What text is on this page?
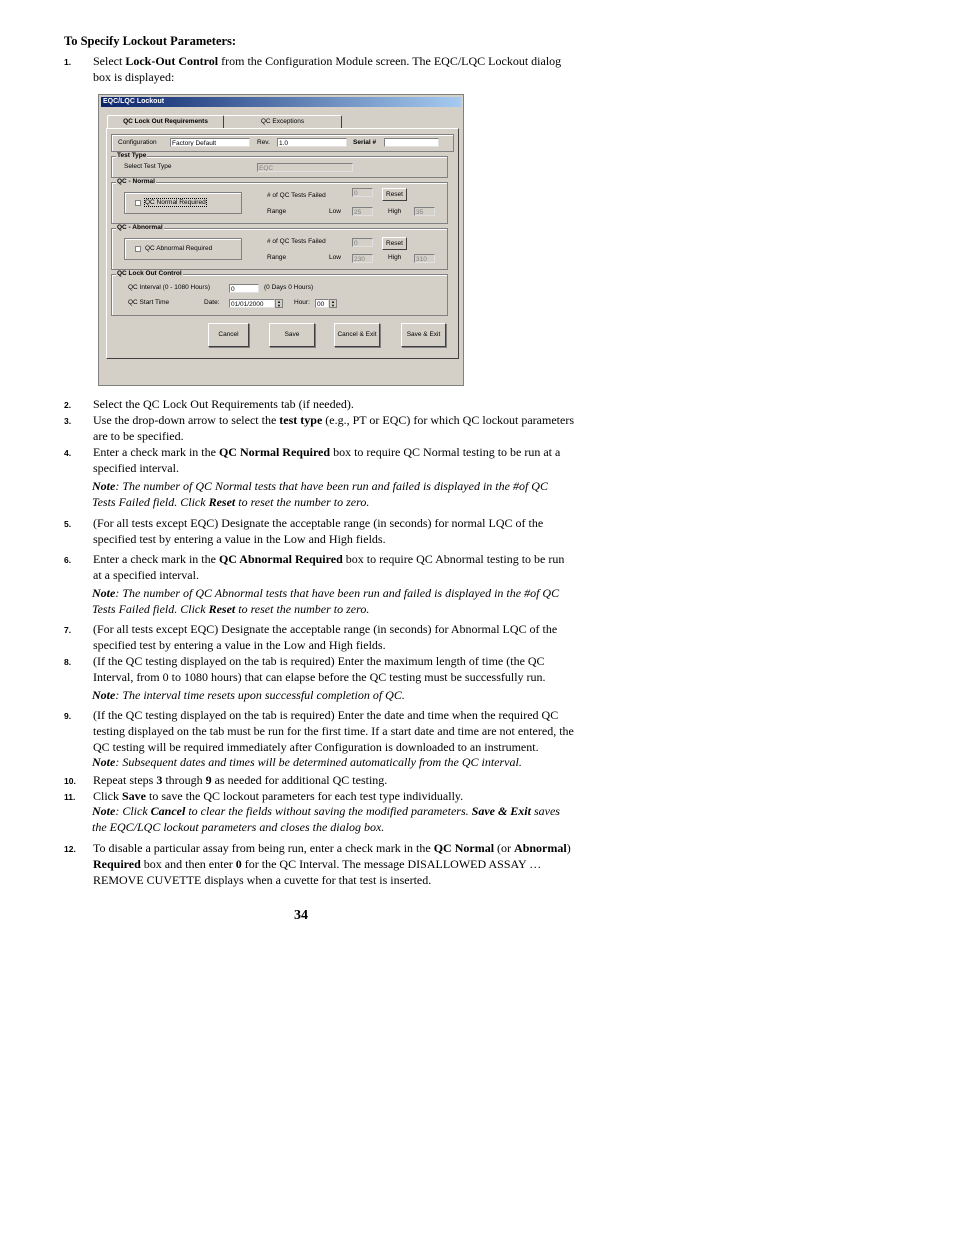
To Specify Lockout Parameters:
1. Select Lock-Out Control from the Configuration Module screen. The EQC/LQC Lockout dialog box is displayed:
EQC/LQC Lockout
QC Lock Out Requirements	QC Exceptions
Configuration	Factory Default	Rev.	1.0	Serial #
Test Type
Select Test Type	EQC
QC - Normal
QC Normal Required
# of QC Tests Failed	0	Reset
Range	Low	25	High	35
QC - Abnormal
QC Abnormal Required
# of QC Tests Failed	0	Reset
Range	Low	230	High	310
QC Lock Out Control
QC Interval (0 - 1080 Hours)	0	(0 Days 0 Hours)
QC Start Time	Date:	01/01/2000	▲
▼	Hour:	00	▲
▼
Cancel	Save	Cancel & Exit	Save & Exit
2. Select the QC Lock Out Requirements tab (if needed).
3. Use the drop-down arrow to select the test type (e.g., PT or EQC) for which QC lockout parameters are to be specified.
4. Enter a check mark in the QC Normal Required box to require QC Normal testing to be run at a specified interval.
Note: The number of QC Normal tests that have been run and failed is displayed in the #of QC Tests Failed field. Click Reset to reset the number to zero.
5. (For all tests except EQC) Designate the acceptable range (in seconds) for normal LQC of the specified test by entering a value in the Low and High fields.
6. Enter a check mark in the QC Abnormal Required box to require QC Abnormal testing to be run at a specified interval.
Note: The number of QC Abnormal tests that have been run and failed is displayed in the #of QC Tests Failed field. Click Reset to reset the number to zero.
7. (For all tests except EQC) Designate the acceptable range (in seconds) for Abnormal LQC of the specified test by entering a value in the Low and High fields.
8. (If the QC testing displayed on the tab is required) Enter the maximum length of time (the QC Interval, from 0 to 1080 hours) that can elapse before the QC testing must be successfully run.
Note: The interval time resets upon successful completion of QC.
9. (If the QC testing displayed on the tab is required) Enter the date and time when the required QC testing displayed on the tab must be run for the first time. If a start date and time are not entered, the QC testing will be required immediately after Configuration is downloaded to an instrument.
Note: Subsequent dates and times will be determined automatically from the QC interval.
10. Repeat steps 3 through 9 as needed for additional QC testing.
11. Click Save to save the QC lockout parameters for each test type individually.
Note: Click Cancel to clear the fields without saving the modified parameters. Save & Exit saves the EQC/LQC lockout parameters and closes the dialog box.
12. To disable a particular assay from being run, enter a check mark in the QC Normal (or Abnormal) Required box and then enter 0 for the QC Interval. The message DISALLOWED ASSAY … REMOVE CUVETTE displays when a cuvette for that test is inserted.
34
